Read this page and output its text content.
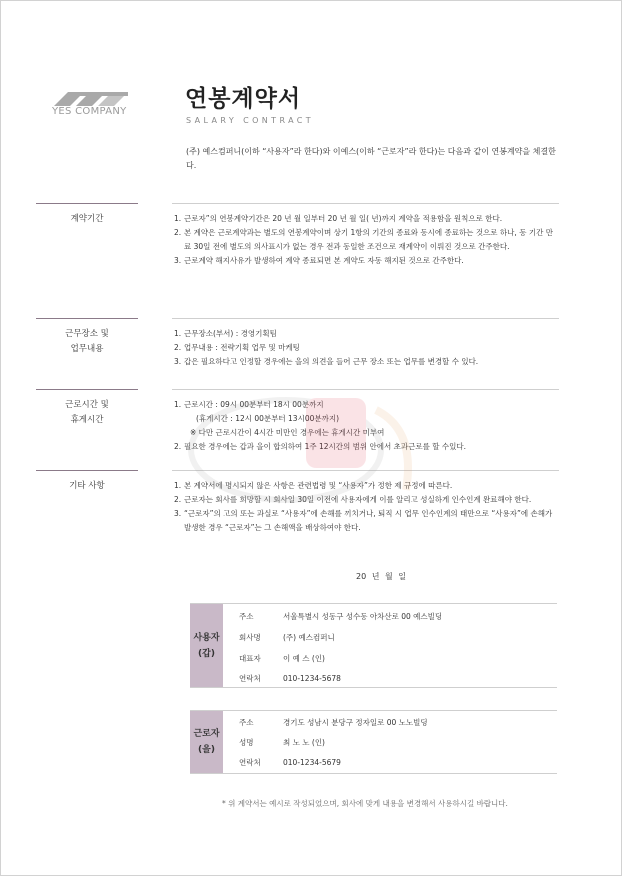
YES COMPANY	연봉계약서
SALARY CONTRACT
(주) 예스컴퍼니(이하 “사용자”라 한다)와 이예스(이하 “근로자”라 한다)는 다음과 같이 연봉계약을 체결한다.
계약기간	1. 근로자”의 연봉계약기간은 20 년 월 일부터 20 년 월 일( 년)까지 계약을 적용함을 원칙으로 한다.
2. 본 계약은 근로계약과는 별도의 연봉계약이며 상기 1항의 기간의 종료와 동시에 종료하는 것으로 하나, 동 기간 만료 30일 전에 별도의 의사표시가 없는 경우 전과 동일한 조건으로 재계약이 이뤄진 것으로 간주한다.
3. 근로계약 해지사유가 발생하여 계약 종료되면 본 계약도 자동 해지된 것으로 간주한다.
근무장소 및
업무내용
1. 근무장소(부서) : 경영기획팀
2. 업무내용 : 전략기획 업무 및 마케팅
3. 갑은 필요하다고 인정할 경우에는 을의 의견을 들어 근무 장소 또는 업무를 변경할 수 있다.
근로시간 및
휴게시간
1. 근로시간 : 09시 00분부터 18시 00분까지
(휴게시간 : 12시 00분부터 13시00분까지)
※ 다만 근로시간이 4시간 미만인 경우에는 휴게시간 미부여
2. 필요한 경우에는 갑과 을이 합의하여 1주 12시간의 범위 안에서 초과근로를 할 수있다.
기타 사항	1. 본 계약서에 명시되지 않은 사항은 관련법령 및 “사용자”가 정한 제 규정에 따른다.
2. 근로자는 회사를 희망할 시 회사일 30일 이전에 사용자에게 이를 알리고 성실하게 인수인계 완료해야 한다.
3. “근로자”의 고의 또는 과실로 “사용자”에 손해를 끼치거나, 퇴직 시 업무 인수인계의 태만으로 “사용자”에 손해가 발생한 경우 “근로자”는 그 손해액을 배상하여야 한다.
20 년 월 일
사용자
(갑)
주소	서울특별시 성동구 성수동 아차산로 00 예스빌딩
회사명	(주) 예스컴퍼니
대표자	이 예 스 (인)
연락처	010-1234-5678
근로자
(을)
주소	경기도 성남시 분당구 정자일로 00 노노빌딩
성명	최 노 노 (인)
연락처	010-1234-5679
* 위 계약서는 예시로 작성되었으며, 회사에 맞게 내용을 변경해서 사용하시길 바랍니다.
